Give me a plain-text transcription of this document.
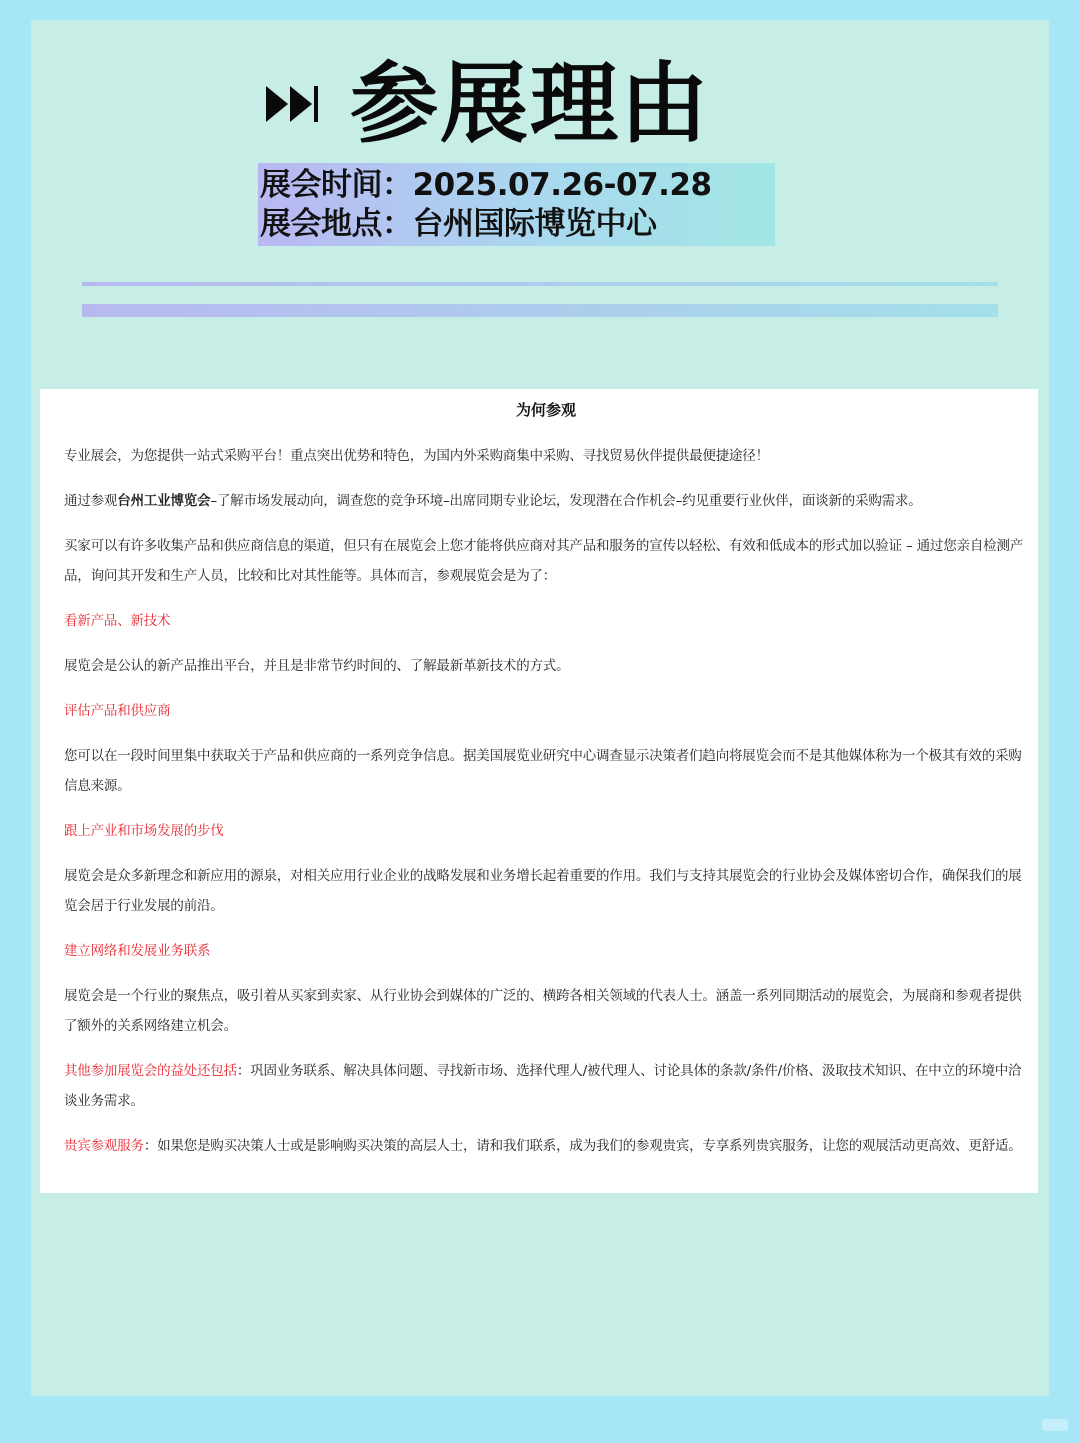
参展理由
展会时间：2025.07.26-07.28
展会地点：台州国际博览中心
为何参观

专业展会，为您提供一站式采购平台！重点突出优势和特色，为国内外采购商集中采购、寻找贸易伙伴提供最便捷途径！

通过参观台州工业博览会–了解市场发展动向，调查您的竞争环境–出席同期专业论坛，发现潜在合作机会–约见重要行业伙伴，面谈新的采购需求。

买家可以有许多收集产品和供应商信息的渠道，但只有在展览会上您才能将供应商对其产品和服务的宣传以轻松、有效和低成本的形式加以验证 – 通过您亲自检测产品，询问其开发和生产人员，比较和比对其性能等。具体而言，参观展览会是为了：

看新产品、新技术

展览会是公认的新产品推出平台，并且是非常节约时间的、了解最新革新技术的方式。

评估产品和供应商

您可以在一段时间里集中获取关于产品和供应商的一系列竞争信息。据美国展览业研究中心调查显示决策者们趋向将展览会而不是其他媒体称为一个极其有效的采购信息来源。

跟上产业和市场发展的步伐

展览会是众多新理念和新应用的源泉，对相关应用行业企业的战略发展和业务增长起着重要的作用。我们与支持其展览会的行业协会及媒体密切合作，确保我们的展览会居于行业发展的前沿。

建立网络和发展业务联系

展览会是一个行业的聚焦点，吸引着从买家到卖家、从行业协会到媒体的广泛的、横跨各相关领域的代表人士。涵盖一系列同期活动的展览会，为展商和参观者提供了额外的关系网络建立机会。

其他参加展览会的益处还包括：巩固业务联系、解决具体问题、寻找新市场、选择代理人/被代理人、讨论具体的条款/条件/价格、汲取技术知识、在中立的环境中洽谈业务需求。

贵宾参观服务：如果您是购买决策人士或是影响购买决策的高层人士，请和我们联系，成为我们的参观贵宾，专享系列贵宾服务，让您的观展活动更高效、更舒适。
